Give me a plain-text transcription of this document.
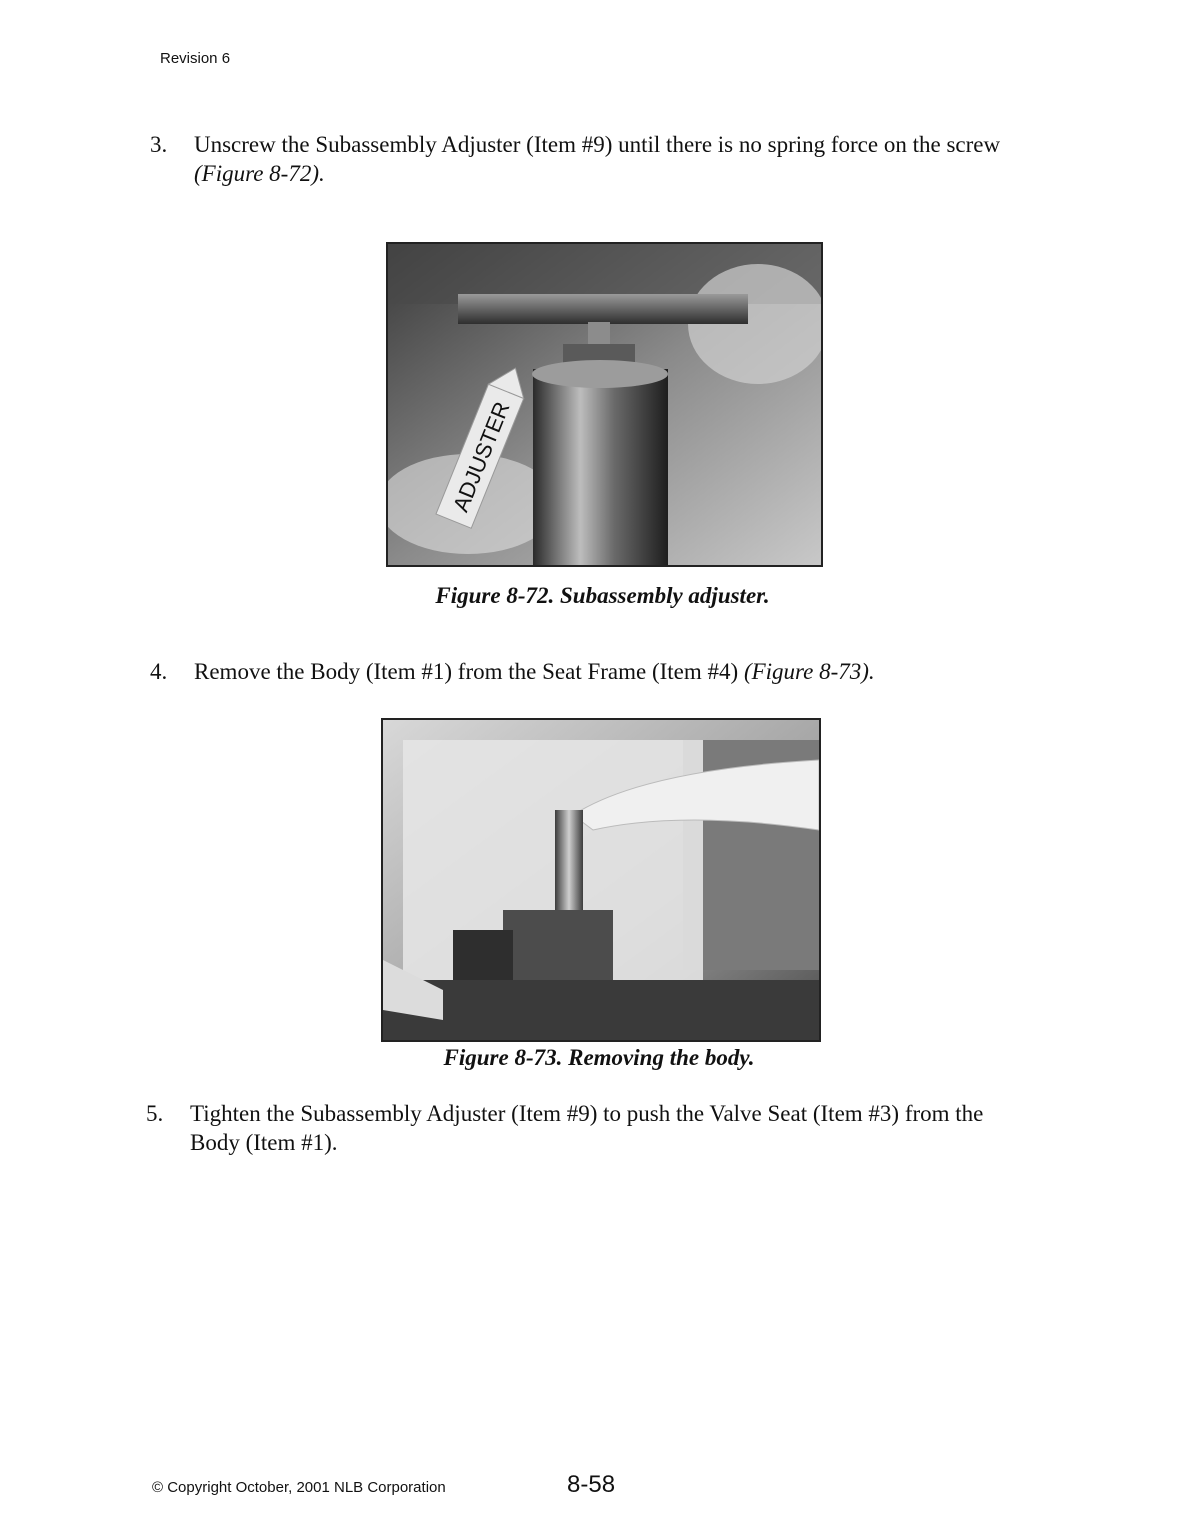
Revision 6
3. Unscrew the Subassembly Adjuster (Item #9) until there is no spring force on the screw
(Figure 8-72).
ADJUSTER
Figure 8-72. Subassembly adjuster.
4. Remove the Body (Item #1) from the Seat Frame (Item #4) (Figure 8-73).
Figure 8-73. Removing the body.
5. Tighten the Subassembly Adjuster (Item #9) to push the Valve Seat (Item #3) from the
Body (Item #1).
© Copyright October, 2001 NLB Corporation	8-58
